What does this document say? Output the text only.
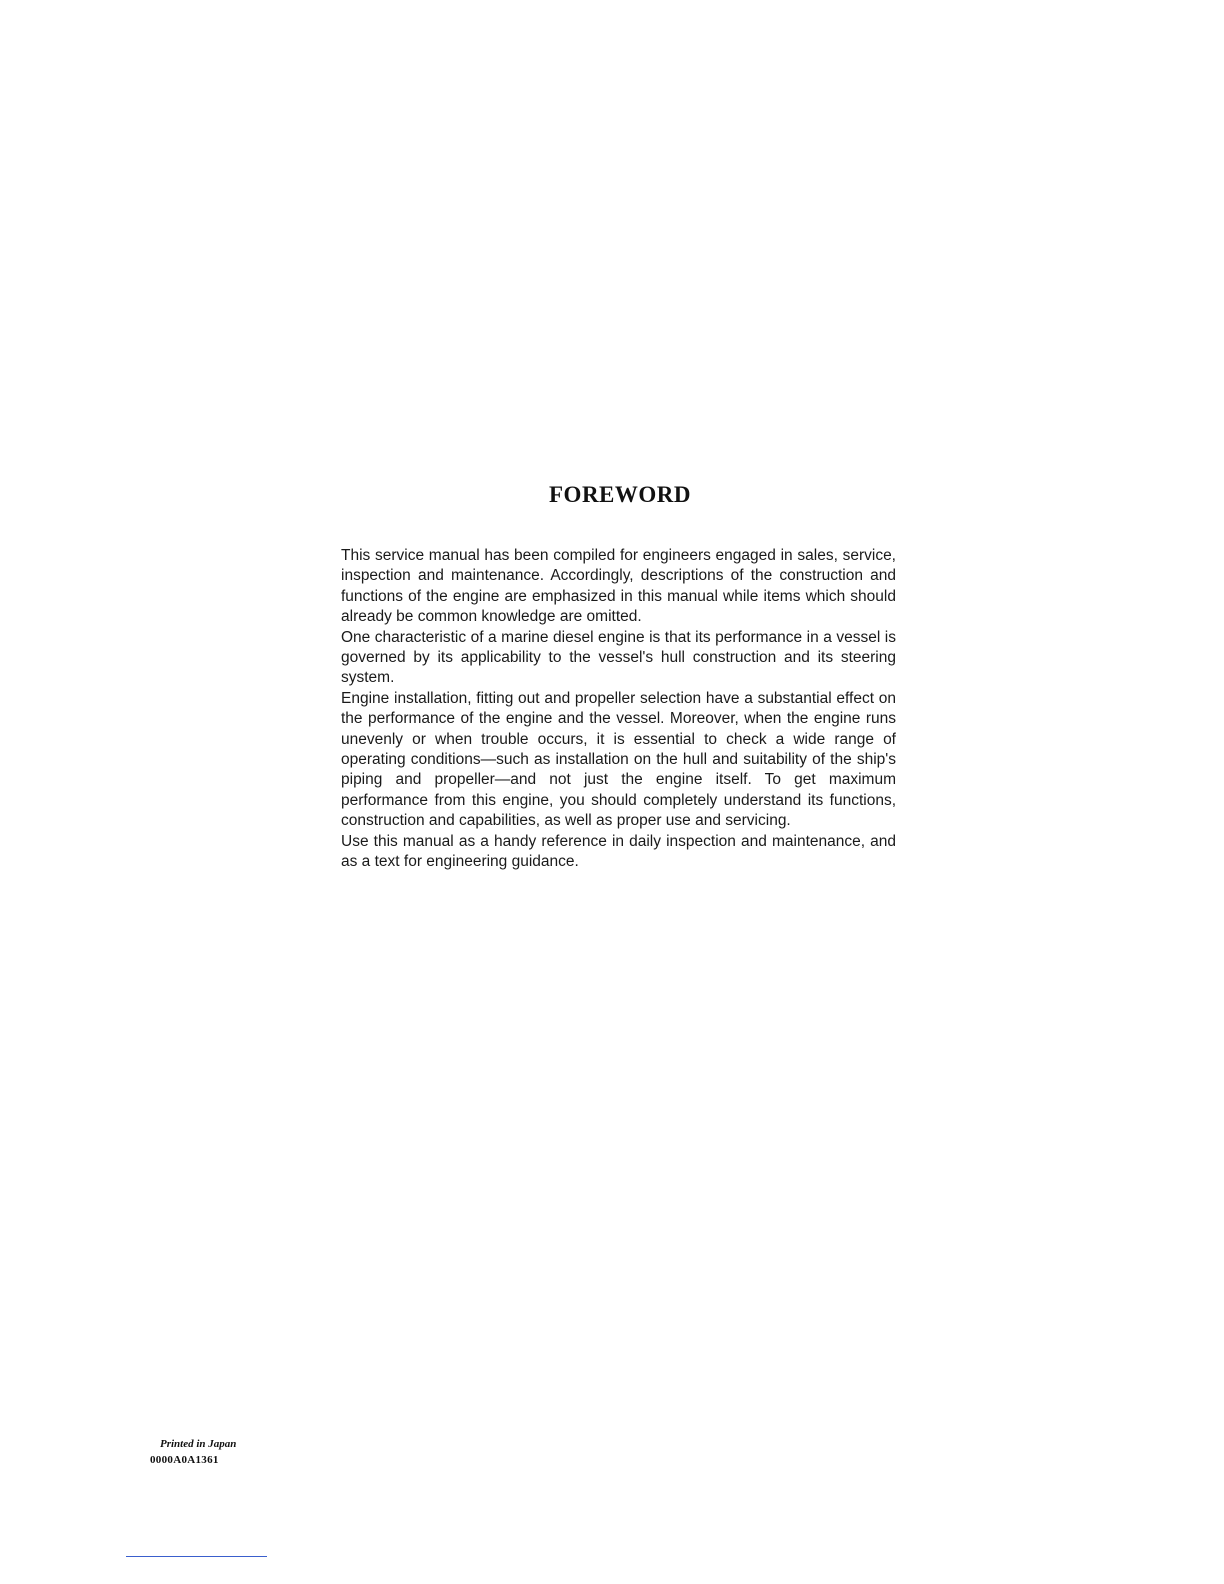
FOREWORD

This service manual has been compiled for engineers engaged in sales, service, inspection and maintenance. Accordingly, descriptions of the construction and functions of the engine are emphasized in this manual while items which should already be common knowledge are omitted.

One characteristic of a marine diesel engine is that its performance in a vessel is governed by its applicability to the vessel's hull construction and its steering system.

Engine installation, fitting out and propeller selection have a substantial effect on the performance of the engine and the vessel. Moreover, when the engine runs unevenly or when trouble occurs, it is essential to check a wide range of operating conditions—such as installation on the hull and suitability of the ship's piping and propeller—and not just the engine itself. To get maximum performance from this engine, you should completely understand its functions, construction and capabilities, as well as proper use and servicing.

Use this manual as a handy reference in daily inspection and maintenance, and as a text for engineering guidance.

Printed in Japan
0000A0A1361
